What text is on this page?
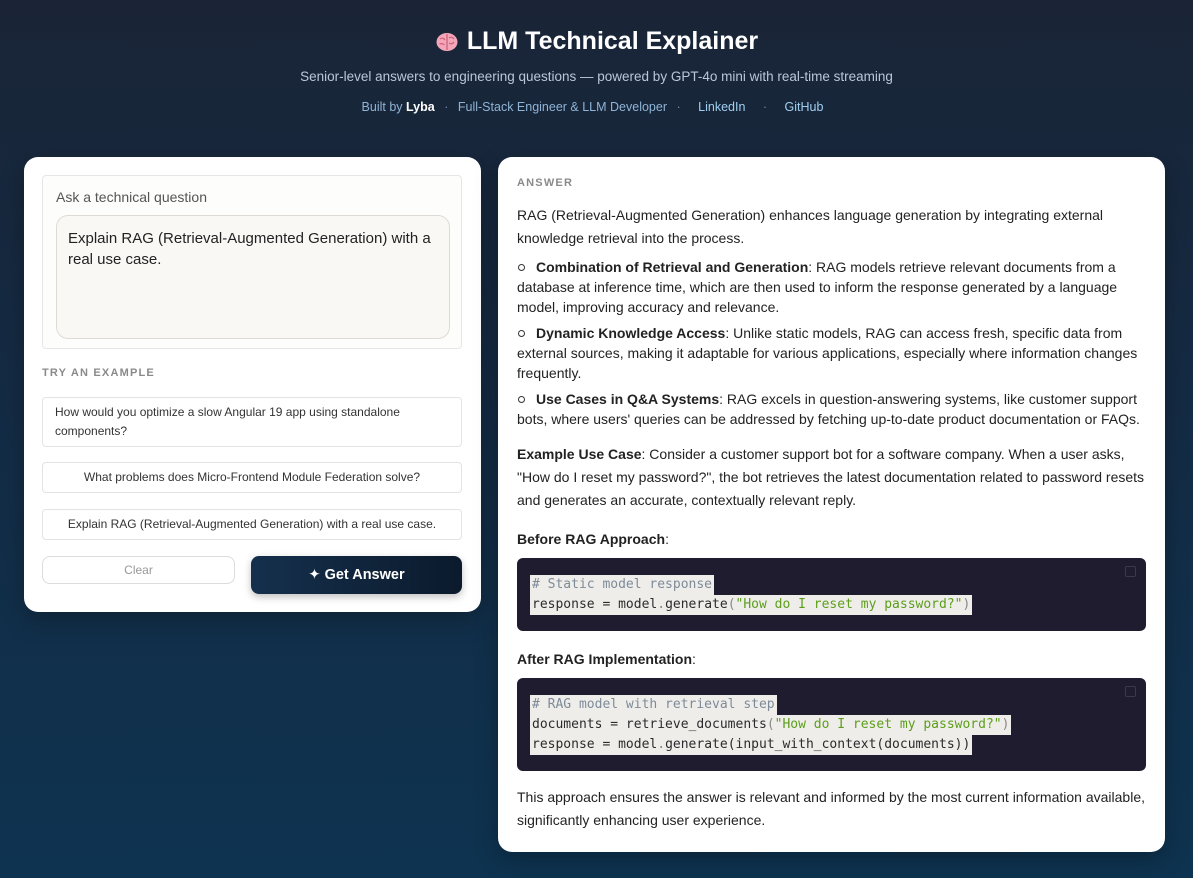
LLM Technical Explainer
Senior-level answers to engineering questions — powered by GPT-4o mini with real-time streaming
Built by Lyba · Full-Stack Engineer & LLM Developer · LinkedIn · GitHub
Ask a technical question
Explain RAG (Retrieval-Augmented Generation) with a real use case.
TRY AN EXAMPLE
How would you optimize a slow Angular 19 app using standalone components?
What problems does Micro-Frontend Module Federation solve?
Explain RAG (Retrieval-Augmented Generation) with a real use case.
Clear	✦ Get Answer
ANSWER
RAG (Retrieval-Augmented Generation) enhances language generation by integrating external knowledge retrieval into the process.
Combination of Retrieval and Generation: RAG models retrieve relevant documents from a database at inference time, which are then used to inform the response generated by a language model, improving accuracy and relevance.
Dynamic Knowledge Access: Unlike static models, RAG can access fresh, specific data from external sources, making it adaptable for various applications, especially where information changes frequently.
Use Cases in Q&A Systems: RAG excels in question-answering systems, like customer support bots, where users' queries can be addressed by fetching up-to-date product documentation or FAQs.
Example Use Case: Consider a customer support bot for a software company. When a user asks, "How do I reset my password?", the bot retrieves the latest documentation related to password resets and generates an accurate, contextually relevant reply.
Before RAG Approach:
# Static model response
response = model.generate("How do I reset my password?")
After RAG Implementation:
# RAG model with retrieval step
documents = retrieve_documents("How do I reset my password?")
response = model.generate(input_with_context(documents))
This approach ensures the answer is relevant and informed by the most current information available, significantly enhancing user experience.
